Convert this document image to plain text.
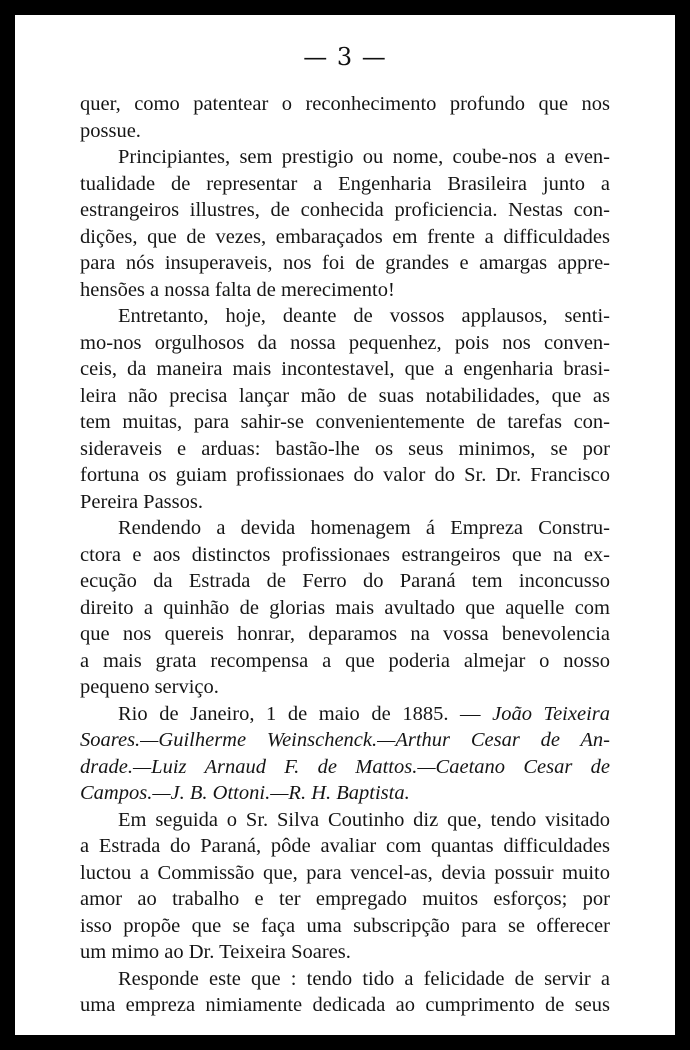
— 3 —
quer, como patentear o reconhecimento profundo que nos
possue.
Principiantes, sem prestigio ou nome, coube-nos a even-
tualidade de representar a Engenharia Brasileira junto a
estrangeiros illustres, de conhecida proficiencia. Nestas con-
dições, que de vezes, embaraçados em frente a difficuldades
para nós insuperaveis, nos foi de grandes e amargas appre-
hensões a nossa falta de merecimento!
Entretanto, hoje, deante de vossos applausos, senti-
mo-nos orgulhosos da nossa pequenhez, pois nos conven-
ceis, da maneira mais incontestavel, que a engenharia brasi-
leira não precisa lançar mão de suas notabilidades, que as
tem muitas, para sahir-se convenientemente de tarefas con-
sideraveis e arduas: bastão-lhe os seus minimos, se por
fortuna os guiam profissionaes do valor do Sr. Dr. Francisco
Pereira Passos.
Rendendo a devida homenagem á Empreza Constru-
ctora e aos distinctos profissionaes estrangeiros que na ex-
ecução da Estrada de Ferro do Paraná tem inconcusso
direito a quinhão de glorias mais avultado que aquelle com
que nos quereis honrar, deparamos na vossa benevolencia
a mais grata recompensa a que poderia almejar o nosso
pequeno serviço.
Rio de Janeiro, 1 de maio de 1885. — João Teixeira
Soares.—Guilherme Weinschenck.—Arthur Cesar de An-
drade.—Luiz Arnaud F. de Mattos.—Caetano Cesar de
Campos.—J. B. Ottoni.—R. H. Baptista.
Em seguida o Sr. Silva Coutinho diz que, tendo visitado
a Estrada do Paraná, pôde avaliar com quantas difficuldades
luctou a Commissão que, para vencel-as, devia possuir muito
amor ao trabalho e ter empregado muitos esforços; por
isso propõe que se faça uma subscripção para se offerecer
um mimo ao Dr. Teixeira Soares.
Responde este que : tendo tido a felicidade de servir a
uma empreza nimiamente dedicada ao cumprimento de seus
